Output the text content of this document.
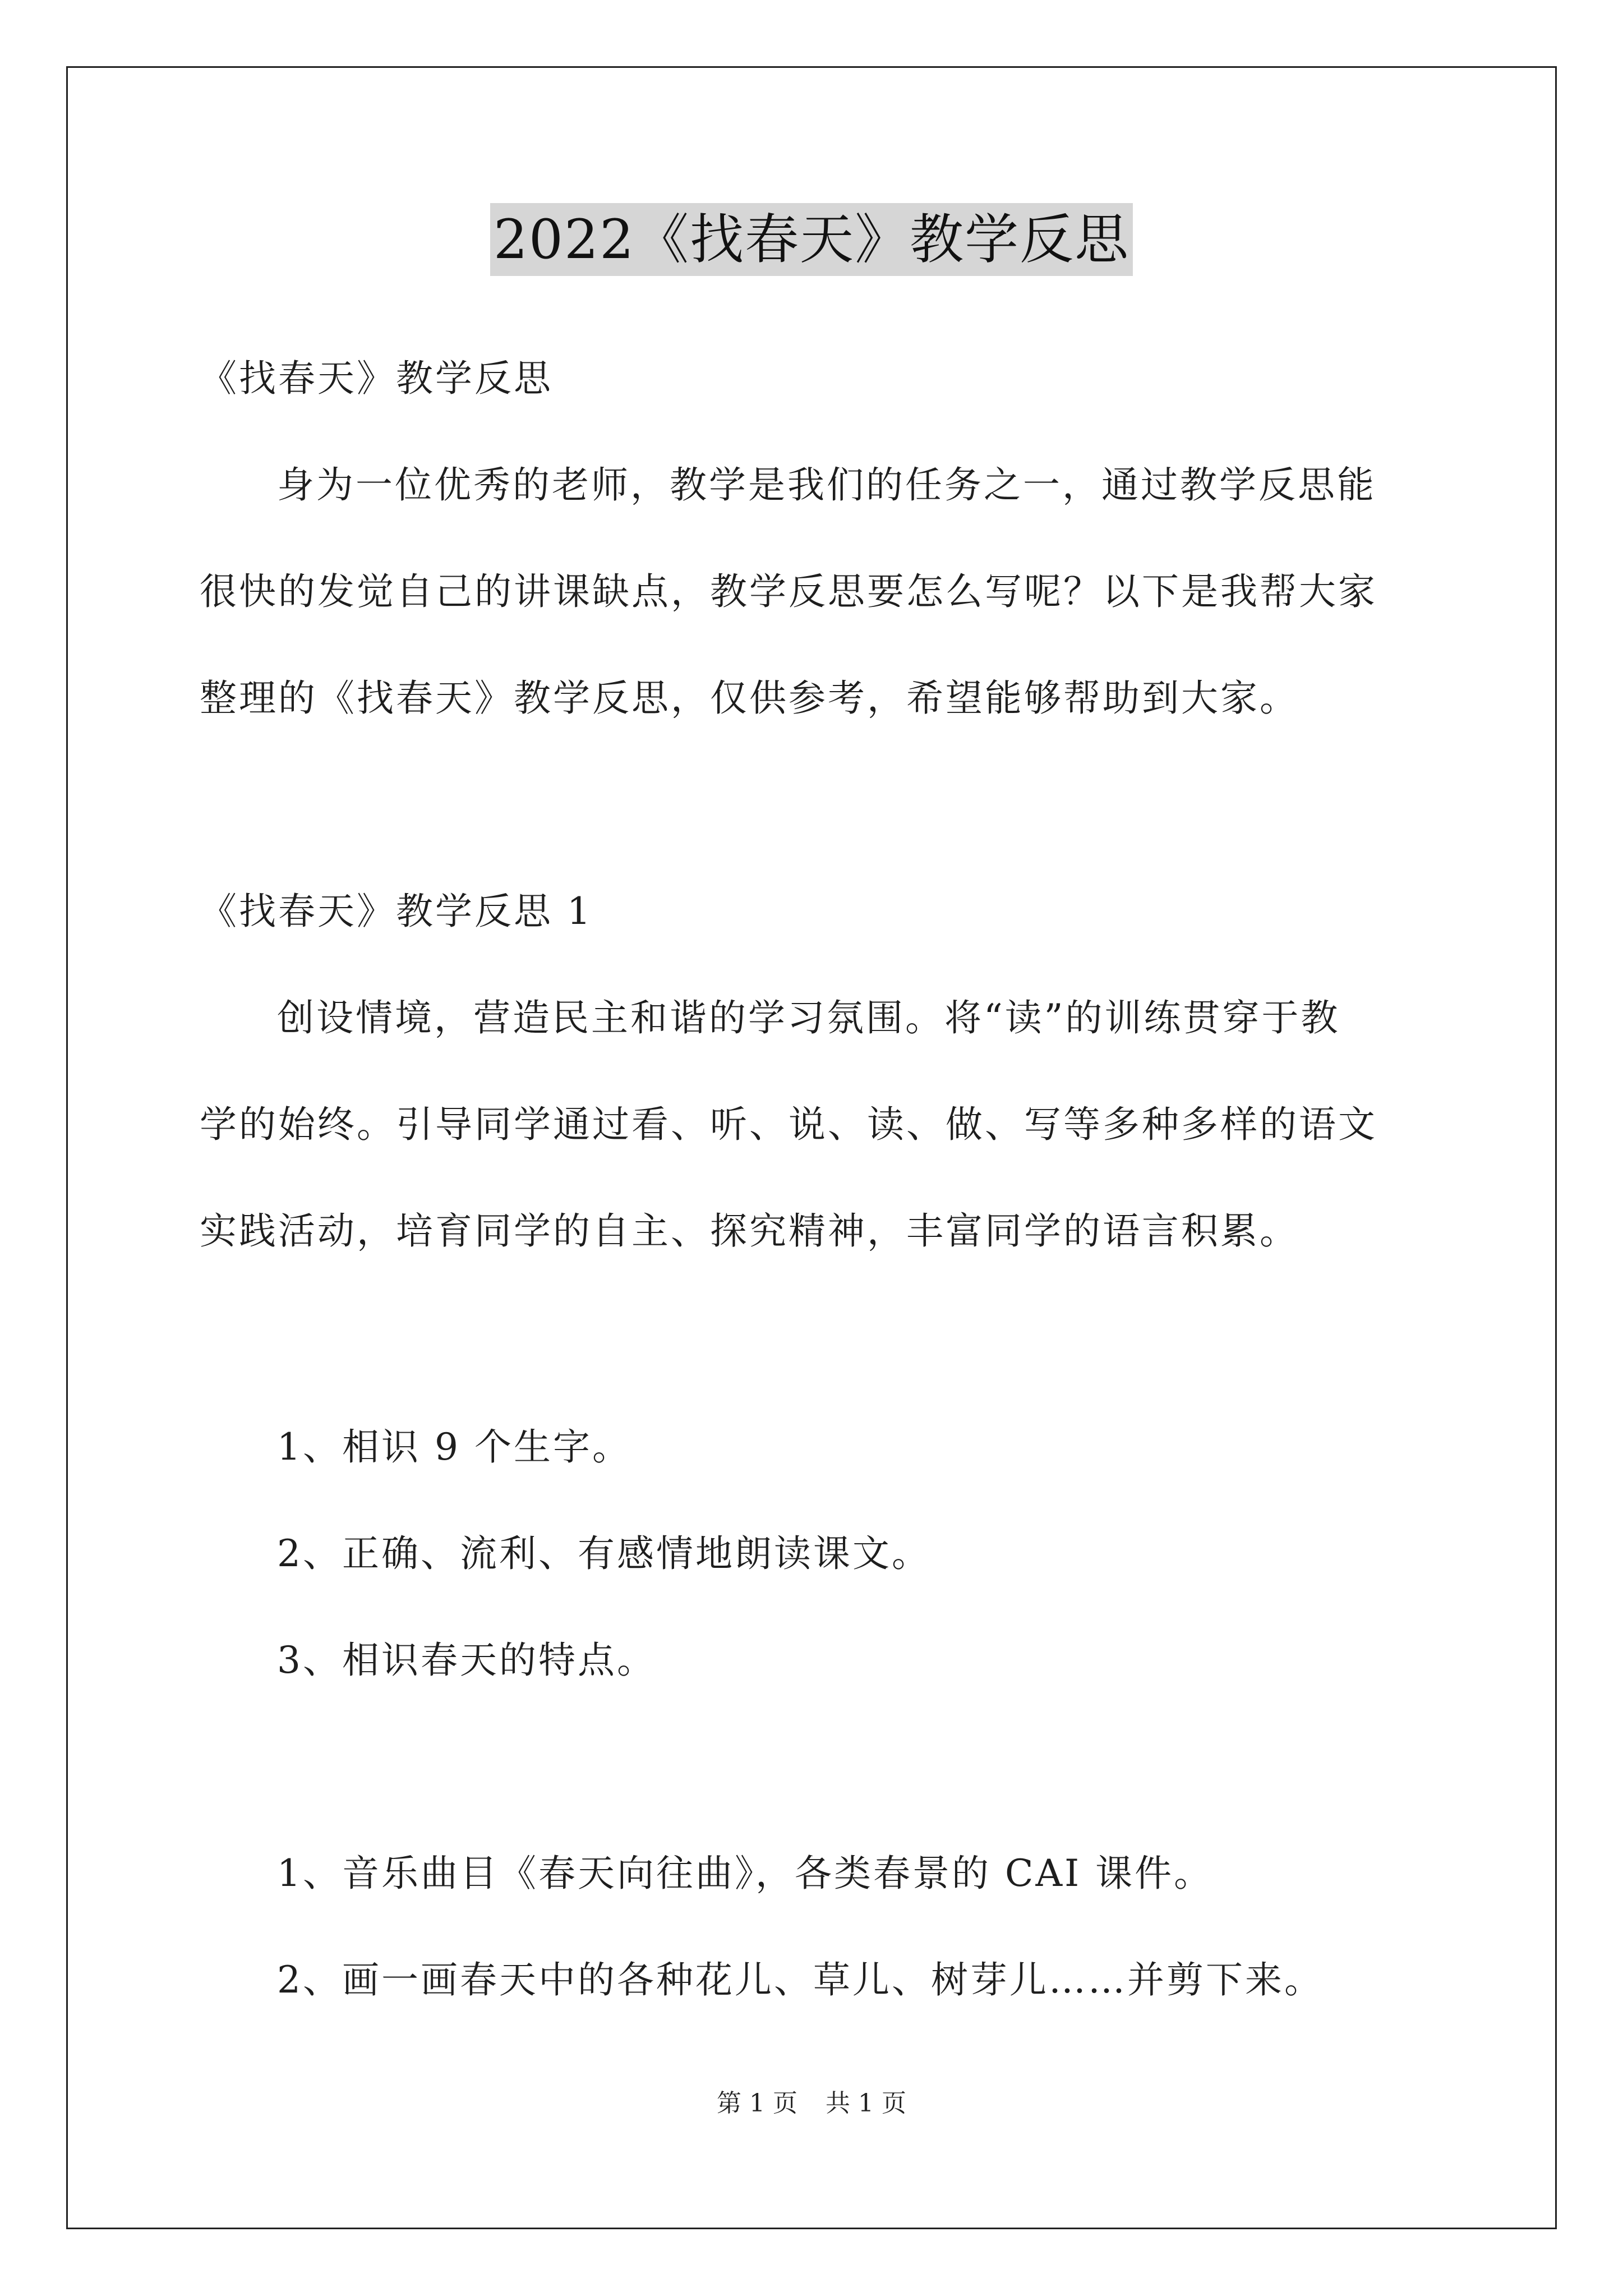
2022《找春天》教学反思
《找春天》教学反思
身为一位优秀的老师，教学是我们的任务之一，通过教学反思能
很快的发觉自己的讲课缺点，教学反思要怎么写呢？以下是我帮大家
整理的《找春天》教学反思，仅供参考，希望能够帮助到大家。
《找春天》教学反思 1
创设情境，营造民主和谐的学习氛围。将“读”的训练贯穿于教
学的始终。引导同学通过看、听、说、读、做、写等多种多样的语文
实践活动，培育同学的自主、探究精神，丰富同学的语言积累。
1、相识 9 个生字。
2、正确、流利、有感情地朗读课文。
3、相识春天的特点。
1、音乐曲目《春天向往曲》，各类春景的 CAI 课件。
2、画一画春天中的各种花儿、草儿、树芽儿……并剪下来。
第 1 页 共 1 页
